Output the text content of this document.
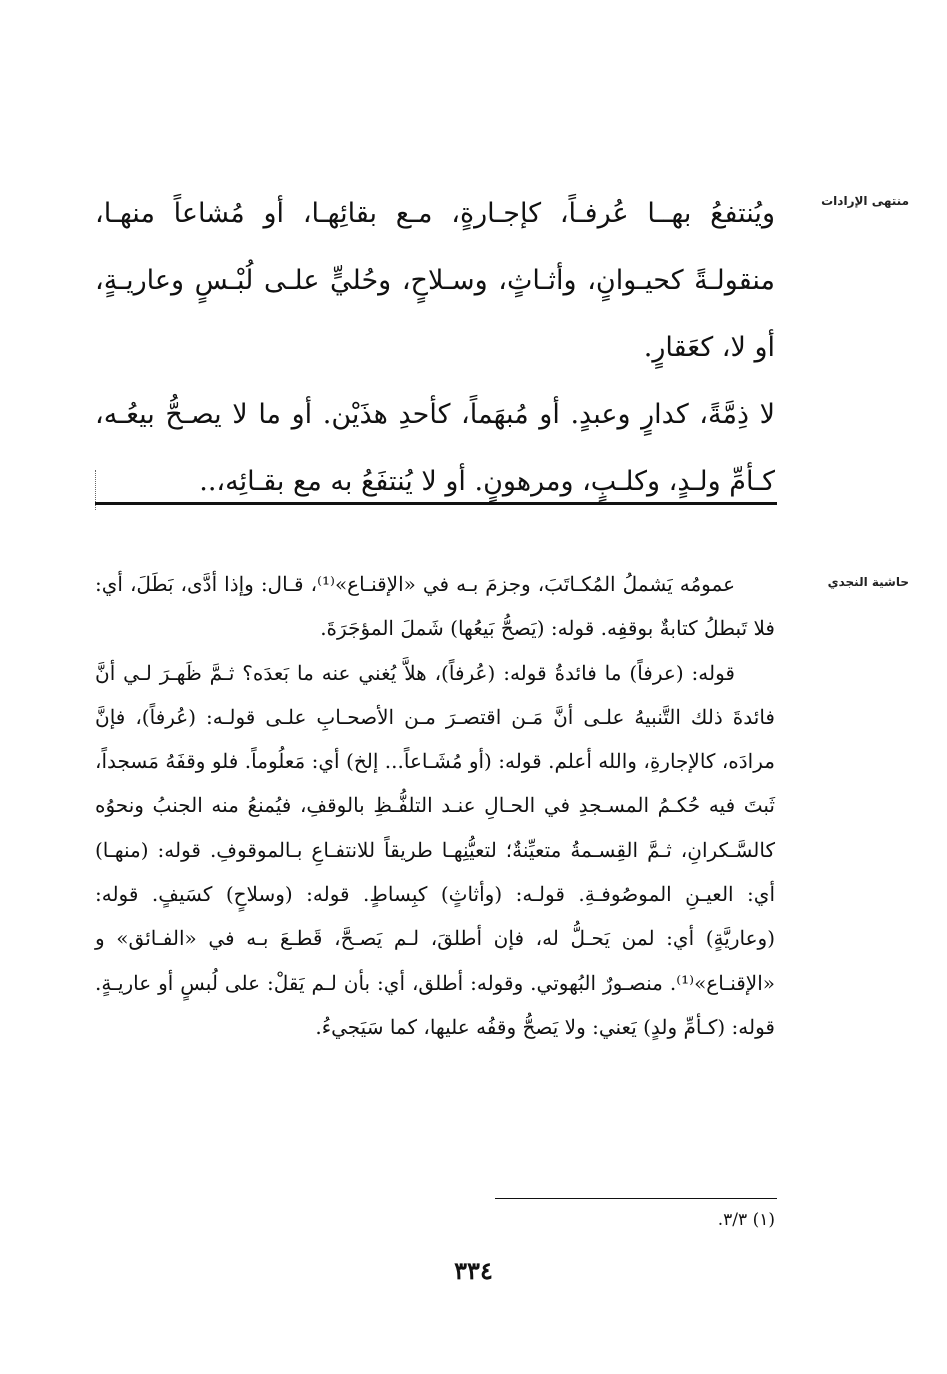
منتهى الإرادات

ويُنتفعُ بهــا عُرفـاً، كإجـارةٍ، مـع بقائِهـا، أو مُشاعاً منهـا، منقولـةً كحيـوانٍ، وأثـاثٍ، وسـلاحٍ، وحُليٍّ علـى لُبْـسٍ وعاريـةٍ، أو لا، كعَقارٍ.

لا ذِمَّةً، كدارٍ وعبدٍ. أو مُبهَماً، كأحدِ هذَيْن. أو ما لا يصـحُّ بيعُـه، كـأمِّ ولـدٍ، وكلـبٍ، ومرهونٍ. أو لا يُنتفَعُ به مع بقـائِه،..

حاشية النجدي

عمومُه يَشملُ المُكـاتَبَ، وجزمَ بـه في «الإقنـاع»⁽¹⁾، قـال: وإذا أدَّى، بَطَلَ، أي: فلا تَبطلُ كتابةٌ بوقفِه. قوله: (يَصحُّ بَيعُها) شَملَ المؤجَرَةَ.

قوله: (عرفاً) ما فائدةُ قوله: (عُرفاً)، هلاَّ يُغني عنه ما بَعدَه؟ ثـمَّ ظَهـرَ لـي أنَّ فائدةَ ذلك التَّنبيهُ علـى أنَّ مَـن اقتصـرَ مـن الأصحـابِ علـى قولـه: (عُرفاً)، فإنَّ مرادَه، كالإجارةِ، والله أعلم. قوله: (أو مُشَـاعاً... إلخ) أي: مَعلُوماً. فلو وقفَهُ مَسجداً، ثَبتَ فيه حُكـمُ المسـجدِ في الحـالِ عنـد التلفُّـظِ بالوقفِ، فيُمنعُ منه الجنبُ ونحوُه كالسَّـكرانِ، ثـمَّ القِسـمةُ متعيِّنةٌ؛ لتعيُّنِهـا طريقاً للانتفـاعِ بـالموقوفِ. قوله: (منهـا) أي: العيـنِ الموصُوفـةِ. قولـه: (وأثاثٍ) كبِساطٍ. قوله: (وسلاحٍ) كسَيفٍ. قوله: (وعاريَّةٍ) أي: لمن يَحـلُّ له، فإن أطلقَ، لـم يَصـحَّ، قَطـعَ بـه في «الفـائق» و «الإقنـاع»⁽¹⁾. منصـورٌ البُهوتي. وقوله: أطلق، أي: بأن لـم يَقلْ: على لُبسٍ أو عاريـةٍ. قوله: (كـأمِّ ولدٍ) يَعني: ولا يَصحُّ وقفُه عليها، كما سَيَجيءُ.

(١) ٣/٣.
٣٣٤
